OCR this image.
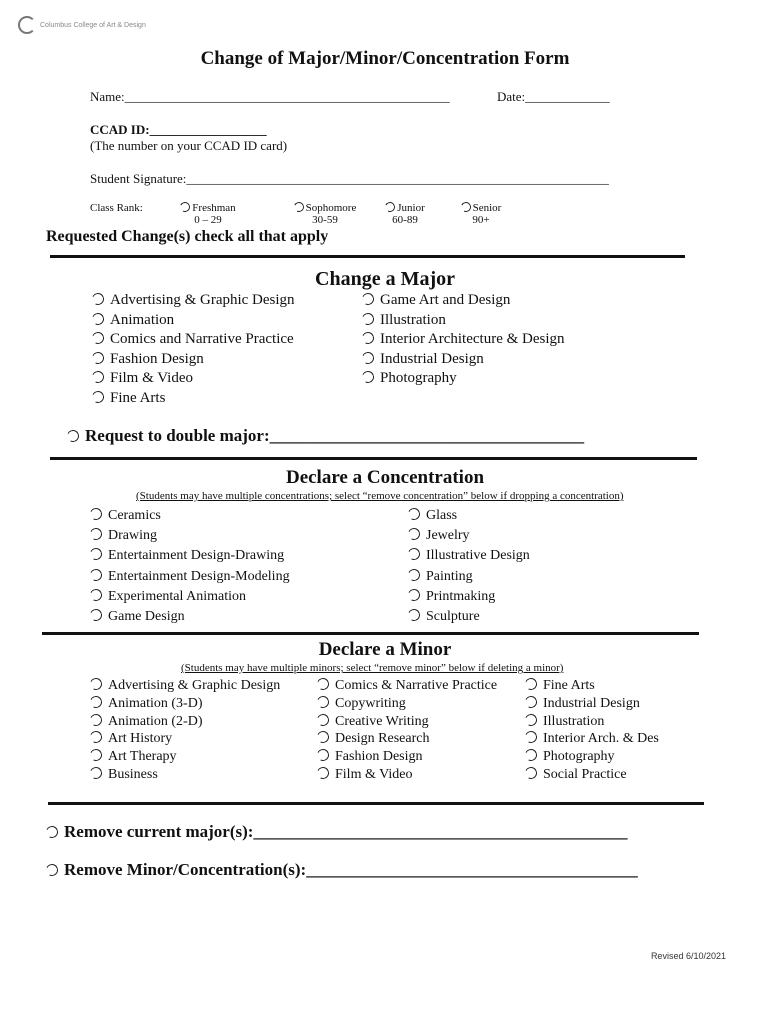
Columbus College of Art & Design
Change of Major/Minor/Concentration Form
Name:__________________________________________________	Date:_____________
CCAD ID:__________________
(The number on your CCAD ID card)
Student Signature:_________________________________________________________________
Class Rank:	Freshman
0 – 29
Sophomore
30-59
Junior
60-89
Senior
90+
Requested Change(s) check all that apply
Change a Major
Advertising & Graphic Design
Animation
Comics and Narrative Practice
Fashion Design
Film & Video
Fine Arts
Game Art and Design
Illustration
Interior Architecture & Design
Industrial Design
Photography
Request to double major:_____________________________________
Declare a Concentration
(Students may have multiple concentrations; select “remove concentration” below if dropping a concentration)
Ceramics
Drawing
Entertainment Design-Drawing
Entertainment Design-Modeling
Experimental Animation
Game Design
Glass
Jewelry
Illustrative Design
Painting
Printmaking
Sculpture
Declare a Minor
(Students may have multiple minors; select “remove minor” below if deleting a minor)
Advertising & Graphic Design
Animation (3-D)
Animation (2-D)
Art History
Art Therapy
Business
Comics & Narrative Practice
Copywriting
Creative Writing
Design Research
Fashion Design
Film & Video
Fine Arts
Industrial Design
Illustration
Interior Arch. & Des
Photography
Social Practice
Remove current major(s):____________________________________________
Remove Minor/Concentration(s):_______________________________________
Revised 6/10/2021
